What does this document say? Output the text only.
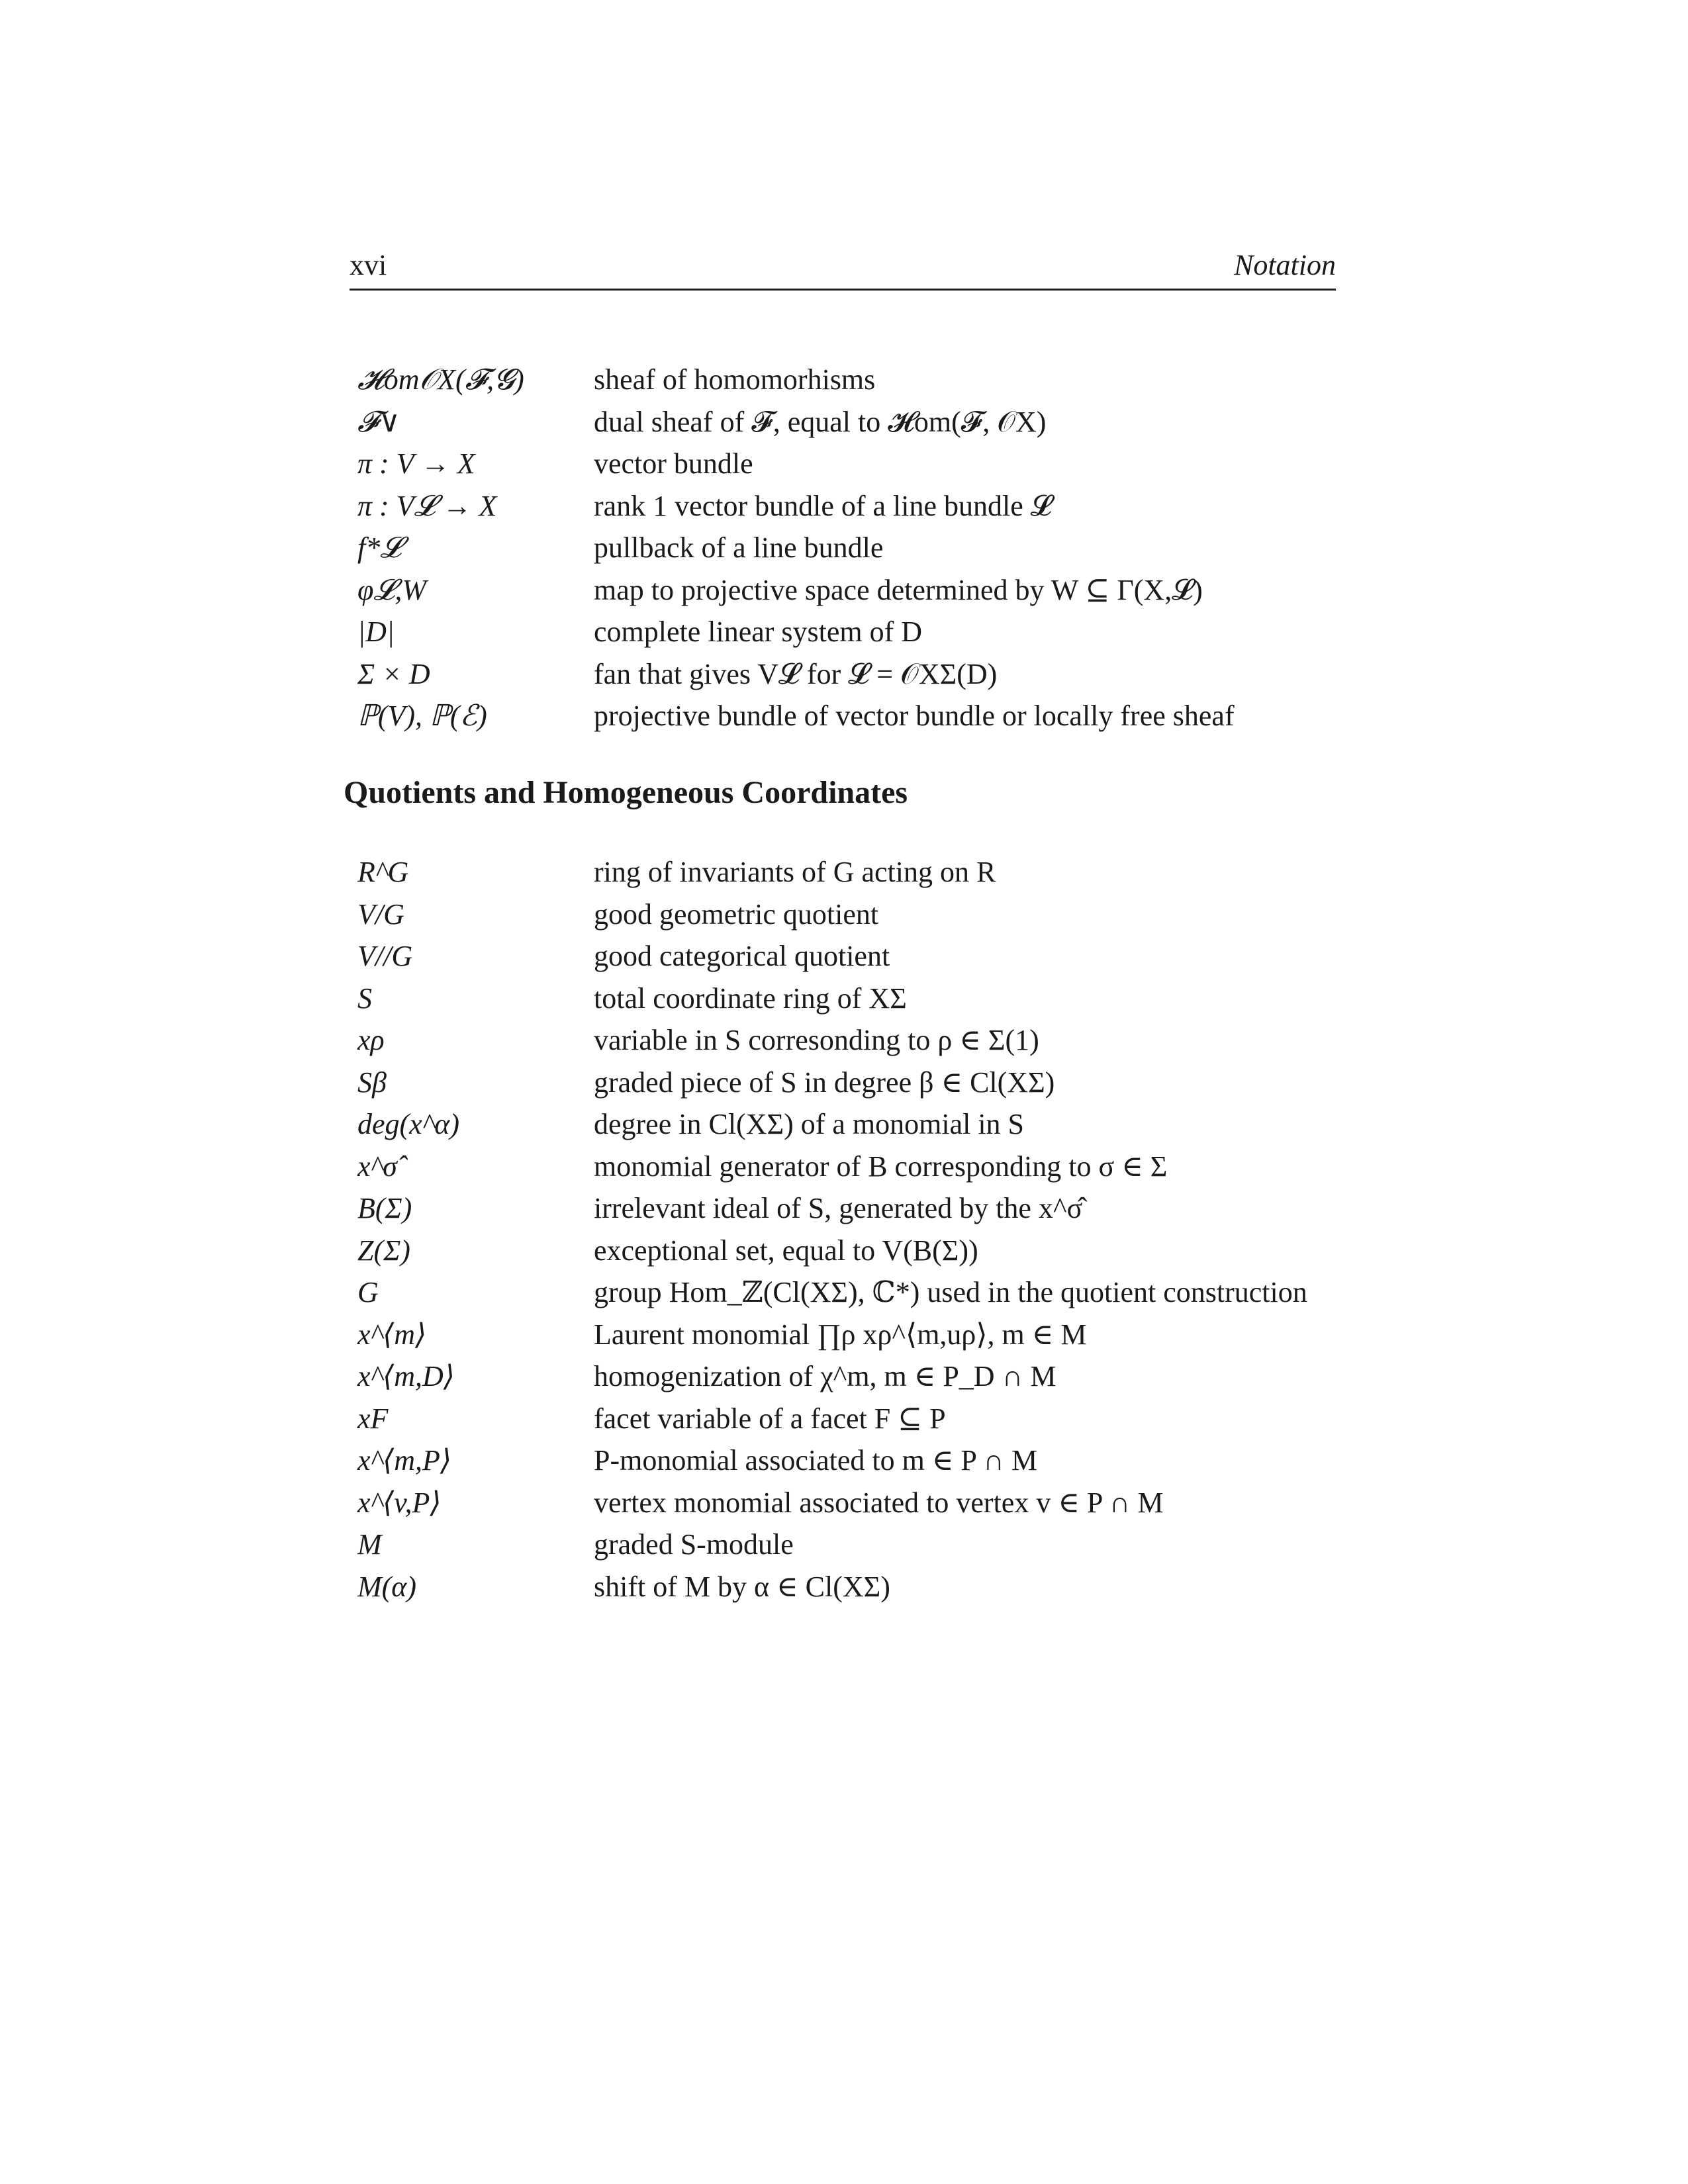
xvi	Notation
𝓗om𝒪X(𝓕,𝓖)	sheaf of homomorhisms
𝓕∨	dual sheaf of 𝓕, equal to 𝓗om(𝓕, 𝒪X)
π : V → X	vector bundle
π : V𝓛 → X	rank 1 vector bundle of a line bundle 𝓛
f*𝓛	pullback of a line bundle
φ𝓛,W	map to projective space determined by W ⊆ Γ(X,𝓛)
|D|	complete linear system of D
Σ × D	fan that gives V𝓛 for 𝓛 = 𝒪XΣ(D)
ℙ(V), ℙ(ℰ)	projective bundle of vector bundle or locally free sheaf
Quotients and Homogeneous Coordinates
R^G	ring of invariants of G acting on R
V/G	good geometric quotient
V//G	good categorical quotient
S	total coordinate ring of XΣ
xρ	variable in S corresonding to ρ ∈ Σ(1)
Sβ	graded piece of S in degree β ∈ Cl(XΣ)
deg(x^α)	degree in Cl(XΣ) of a monomial in S
x^σ̂	monomial generator of B corresponding to σ ∈ Σ
B(Σ)	irrelevant ideal of S, generated by the x^σ̂
Z(Σ)	exceptional set, equal to V(B(Σ))
G	group Hom_ℤ(Cl(XΣ), ℂ*) used in the quotient construction
x^⟨m⟩	Laurent monomial ∏ρ xρ^⟨m,uρ⟩, m ∈ M
x^⟨m,D⟩	homogenization of χ^m, m ∈ P_D ∩ M
xF	facet variable of a facet F ⊆ P
x^⟨m,P⟩	P-monomial associated to m ∈ P ∩ M
x^⟨v,P⟩	vertex monomial associated to vertex v ∈ P ∩ M
M	graded S-module
M(α)	shift of M by α ∈ Cl(XΣ)
